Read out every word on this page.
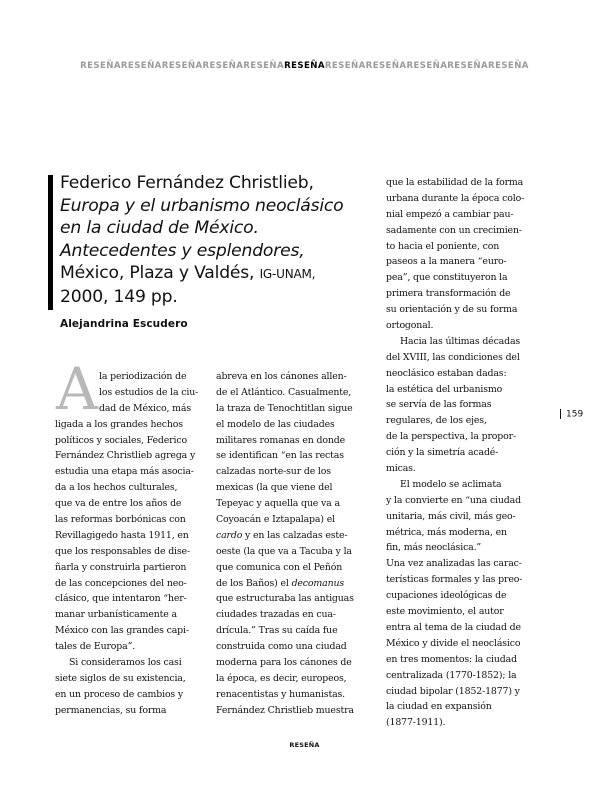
RESEÑARESEÑARESEÑARESEÑARESEÑARESEÑARESEÑARESEÑARESEÑARESEÑARESEÑA
Federico Fernández Christlieb,
Europa y el urbanismo neoclásico
en la ciudad de México.
Antecedentes y esplendores,
México, Plaza y Valdés, IG-UNAM,
2000, 149 pp.
Alejandrina Escudero
A la periodización de
los estudios de la ciu-
dad de México, más
ligada a los grandes hechos
políticos y sociales, Federico
Fernández Christlieb agrega y
estudia una etapa más asocia-
da a los hechos culturales,
que va de entre los años de
las reformas borbónicas con
Revillagigedo hasta 1911, en
que los responsables de dise-
ñarla y construirla partieron
de las concepciones del neo-
clásico, que intentaron “her-
manar urbanísticamente a
México con las grandes capi-
tales de Europa”.
Si consideramos los casi
siete siglos de su existencia,
en un proceso de cambios y
permanencias, su forma
abreva en los cánones allen-
de el Atlántico. Casualmente,
la traza de Tenochtitlan sigue
el modelo de las ciudades
militares romanas en donde
se identifican “en las rectas
calzadas norte-sur de los
mexicas (la que viene del
Tepeyac y aquella que va a
Coyoacán e Iztapalapa) el
cardo y en las calzadas este-
oeste (la que va a Tacuba y la
que comunica con el Peñón
de los Baños) el decomanus
que estructuraba las antiguas
ciudades trazadas en cua-
drícula.” Tras su caída fue
construida como una ciudad
moderna para los cánones de
la época, es decir, europeos,
renacentistas y humanistas.
Fernández Christlieb muestra
que la estabilidad de la forma
urbana durante la época colo-
nial empezó a cambiar pau-
sadamente con un crecimien-
to hacia el poniente, con
paseos a la manera “euro-
pea”, que constituyeron la
primera transformación de
su orientación y de su forma
ortogonal.
Hacia las últimas décadas
del XVIII, las condiciones del
neoclásico estaban dadas:
la estética del urbanismo
se servía de las formas
regulares, de los ejes,
de la perspectiva, la propor-
ción y la simetría acadé-
micas.
El modelo se aclimata
y la convierte en “una ciudad
unitaria, más civil, más geo-
métrica, más moderna, en
fin, más neoclásica.”
Una vez analizadas las carac-
terísticas formales y las preo-
cupaciones ideológicas de
este movimiento, el autor
entra al tema de la ciudad de
México y divide el neoclásico
en tres momentos: la ciudad
centralizada (1770-1852); la
ciudad bipolar (1852-1877) y
la ciudad en expansión
(1877-1911).
159
RESEÑA
